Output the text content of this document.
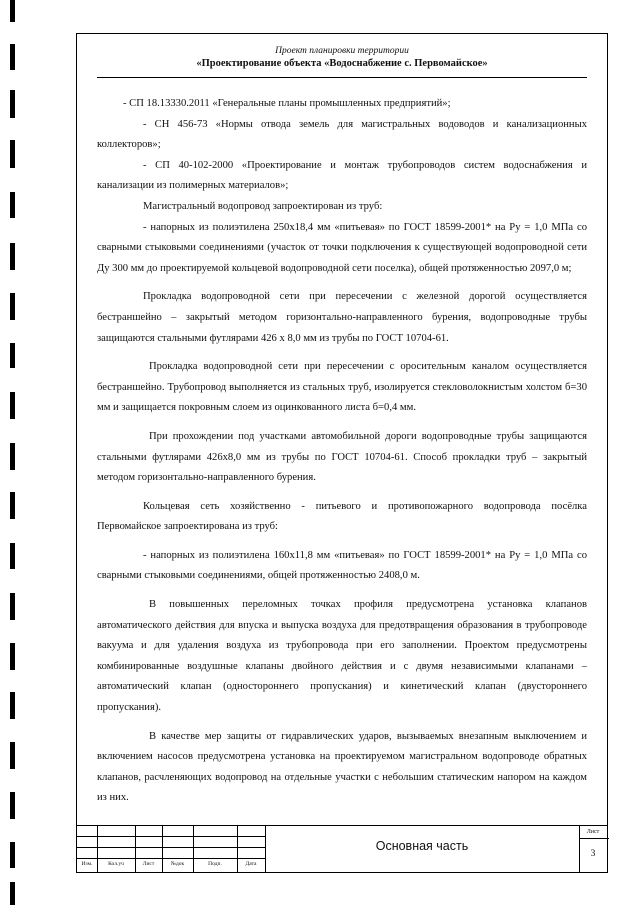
Проект планировки территории
«Проектирование объекта «Водоснабжение с. Первомайское»

- СП 18.13330.2011 «Генеральные планы промышленных предприятий»;

- СН 456-73 «Нормы отвода земель для магистральных водоводов и канализационных коллекторов»;

- СП 40-102-2000 «Проектирование и монтаж трубопроводов систем водоснабжения и канализации из полимерных материалов»;

Магистральный водопровод запроектирован из труб:

- напорных из полиэтилена 250х18,4 мм «питьевая» по ГОСТ 18599-2001* на Ру = 1,0 МПа со сварными стыковыми соединениями (участок от точки подключения к существующей водопроводной сети Ду 300 мм до проектируемой кольцевой водопроводной сети поселка), общей протяженностью 2097,0 м;

Прокладка водопроводной сети при пересечении с железной дорогой осуществляется бестраншейно – закрытый методом горизонтально-направленного бурения, водопроводные трубы защищаются стальными футлярами 426 х 8,0 мм из трубы по ГОСТ 10704-61.

Прокладка водопроводной сети при пересечении с оросительным каналом осуществляется бестраншейно. Трубопровод выполняется из стальных труб, изолируется стекловолокнистым холстом б=30 мм и защищается покровным слоем из оцинкованного листа б=0,4 мм.

При прохождении под участками автомобильной дороги водопроводные трубы защищаются стальными футлярами 426х8,0 мм из трубы по ГОСТ 10704-61. Способ прокладки труб – закрытый методом горизонтально-направленного бурения.

Кольцевая сеть хозяйственно - питьевого и противопожарного водопровода посёлка Первомайское запроектирована из труб:

- напорных из полиэтилена 160х11,8 мм «питьевая» по ГОСТ 18599-2001* на Ру = 1,0 МПа со сварными стыковыми соединениями, общей протяженностью 2408,0 м.

В повышенных переломных точках профиля предусмотрена установка клапанов автоматического действия для впуска и выпуска воздуха для предотвращения образования в трубопроводе вакуума и для удаления воздуха из трубопровода при его заполнении. Проектом предусмотрены комбинированные воздушные клапаны двойного действия и с двумя независимыми клапанами – автоматический клапан (одностороннего пропускания) и кинетический клапан (двустороннего пропускания).

В качестве мер защиты от гидравлических ударов, вызываемых внезапным выключением и включением насосов предусмотрена установка на проектируемом магистральном водопроводе обратных клапанов, расчленяющих водопровод на отдельные участки с небольшим статическим напором на каждом из них.

Изм.	Кол.уч	Лист	№док	Подп.	Дата
Основная часть
Лист
3
